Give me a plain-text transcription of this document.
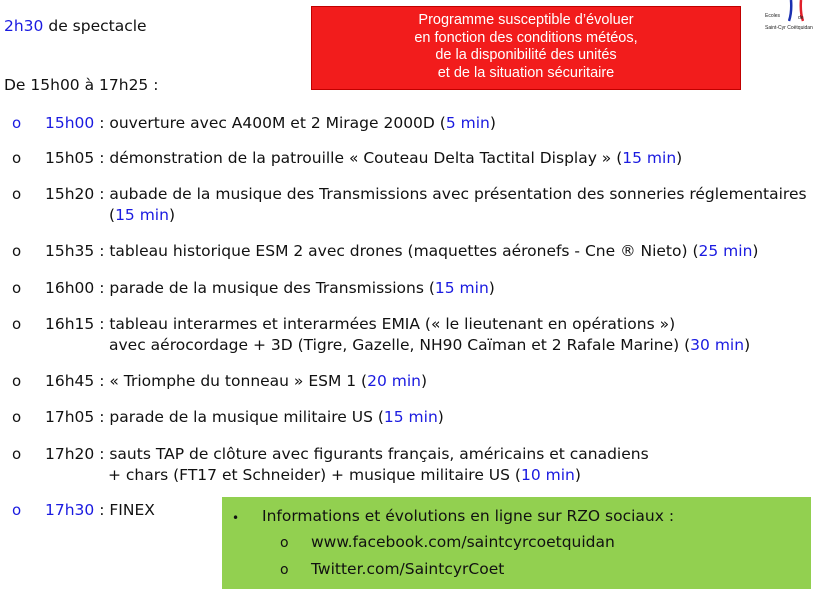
2h30 de spectacle	Programme susceptible d’évoluer
en fonction des conditions météos,
de la disponibilité des unités
et de la situation sécuritaire
Ecoles	de
Saint-Cyr Coëtquidan
De 15h00 à 17h25 :
o 15h00 : ouverture avec A400M et 2 Mirage 2000D (5 min)
o 15h05 : démonstration de la patrouille « Couteau Delta Tactital Display » (15 min)
o 15h20 : aubade de la musique des Transmissions avec présentation des sonneries réglementaires
(15 min)
o 15h35 : tableau historique ESM 2 avec drones (maquettes aéronefs - Cne ® Nieto) (25 min)
o 16h00 : parade de la musique des Transmissions (15 min)
o 16h15 : tableau interarmes et interarmées EMIA (« le lieutenant en opérations »)
avec aérocordage + 3D (Tigre, Gazelle, NH90 Caïman et 2 Rafale Marine) (30 min)
o 16h45 : « Triomphe du tonneau » ESM 1 (20 min)
o 17h05 : parade de la musique militaire US (15 min)
o 17h20 : sauts TAP de clôture avec figurants français, américains et canadiens
+ chars (FT17 et Schneider) + musique militaire US (10 min)
o 17h30 : FINEX	• Informations et évolutions en ligne sur RZO sociaux :
o www.facebook.com/saintcyrcoetquidan
o Twitter.com/SaintcyrCoet
